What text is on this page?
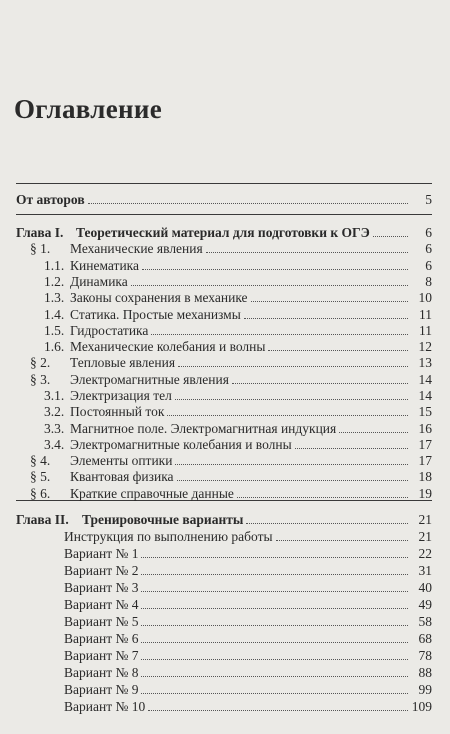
Оглавление
От авторов	5
Глава I. Теоретический материал для подготовки к ОГЭ	6
§ 1.	Механические явления	6
1.1. Кинематика	6
1.2. Динамика	8
1.3. Законы сохранения в механике	10
1.4. Статика. Простые механизмы	11
1.5. Гидростатика	11
1.6. Механические колебания и волны	12
§ 2.	Тепловые явления	13
§ 3.	Электромагнитные явления	14
3.1. Электризация тел	14
3.2. Постоянный ток	15
3.3. Магнитное поле. Электромагнитная индукция	16
3.4. Электромагнитные колебания и волны	17
§ 4.	Элементы оптики	17
§ 5.	Квантовая физика	18
§ 6.	Краткие справочные данные	19
Глава II. Тренировочные варианты	21
Инструкция по выполнению работы	21
Вариант № 1	22
Вариант № 2	31
Вариант № 3	40
Вариант № 4	49
Вариант № 5	58
Вариант № 6	68
Вариант № 7	78
Вариант № 8	88
Вариант № 9	99
Вариант № 10	109
